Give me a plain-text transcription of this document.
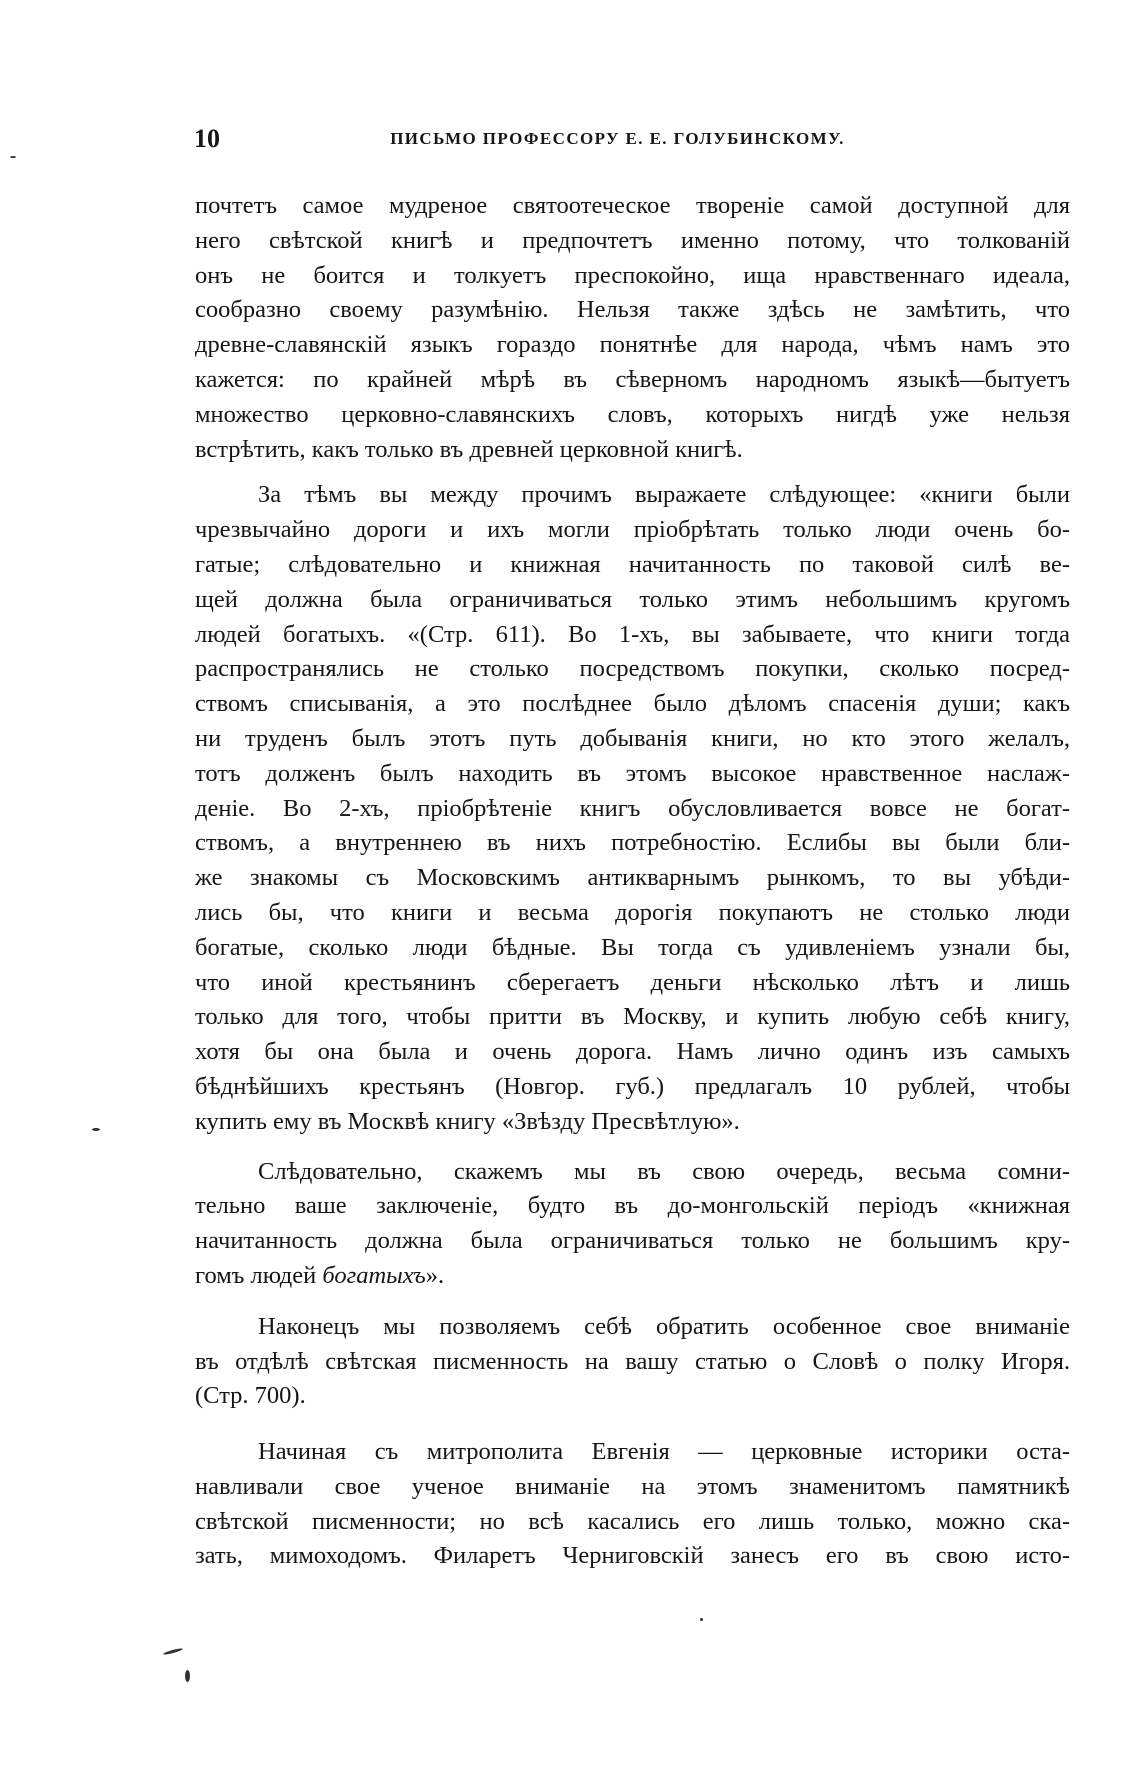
10	ПИСЬМО ПРОФЕССОРУ Е. Е. ГОЛУБИНСКОМУ.
почтетъ самое мудреное святоотеческое творенie самой доступной для
него свѣтской книгѣ и предпочтетъ именно потому, что толкованiй
онъ не боится и толкуетъ преспокойно, ища нравственнаго идеала,
сообразно своему разумѣнiю. Нельзя также здѣсь не замѣтить, что
древне-славянскiй языкъ гораздо понятнѣе для народа, чѣмъ намъ это
кажется: по крайней мѣрѣ въ сѣверномъ народномъ языкѣ—бытуетъ
множество церковно-славянскихъ словъ, которыхъ нигдѣ уже нельзя
встрѣтить, какъ только въ древней церковной книгѣ.
За тѣмъ вы между прочимъ выражаете слѣдующее: «книги были
чрезвычайно дороги и ихъ могли прiобрѣтать только люди очень бо-
гатые; слѣдовательно и книжная начитанность по таковой силѣ ве-
щей должна была ограничиваться только этимъ небольшимъ кругомъ
людей богатыхъ. «(Стр. 611). Во 1-хъ, вы забываете, что книги тогда
распространялись не столько посредствомъ покупки, сколько посред-
ствомъ списыванiя, а это послѣднее было дѣломъ спасенiя души; какъ
ни труденъ былъ этотъ путь добыванiя книги, но кто этого желалъ,
тотъ долженъ былъ находить въ этомъ высокое нравственное наслаж-
денiе. Во 2-хъ, прiобрѣтенiе книгъ обусловливается вовсе не богат-
ствомъ, а внутреннею въ нихъ потребностiю. Еслибы вы были бли-
же знакомы съ Московскимъ антикварнымъ рынкомъ, то вы убѣди-
лись бы, что книги и весьма дорогiя покупаютъ не столько люди
богатые, сколько люди бѣдные. Вы тогда съ удивленiемъ узнали бы,
что иной крестьянинъ сберегаетъ деньги нѣсколько лѣтъ и лишь
только для того, чтобы притти въ Москву, и купить любую себѣ книгу,
хотя бы она была и очень дорога. Намъ лично одинъ изъ самыхъ
бѣднѣйшихъ крестьянъ (Новгор. губ.) предлагалъ 10 рублей, чтобы
купить ему въ Москвѣ книгу «Звѣзду Пресвѣтлую».
Слѣдовательно, скажемъ мы въ свою очередь, весьма сомни-
тельно ваше заключенiе, будто въ до-монгольскiй перiодъ «книжная
начитанность должна была ограничиваться только не большимъ кру-
гомъ людей богатыхъ».
Наконецъ мы позволяемъ себѣ обратить особенное свое вниманiе
въ отдѣлѣ свѣтская писменность на вашу статью о Словѣ о полку Игоря.
(Стр. 700).
Начиная съ митрополита Евгенiя — церковные историки оста-
навливали свое ученое вниманiе на этомъ знаменитомъ памятникѣ
свѣтской писменности; но всѣ касались его лишь только, можно ска-
зать, мимоходомъ. Филаретъ Черниговскiй занесъ его въ свою исто-
